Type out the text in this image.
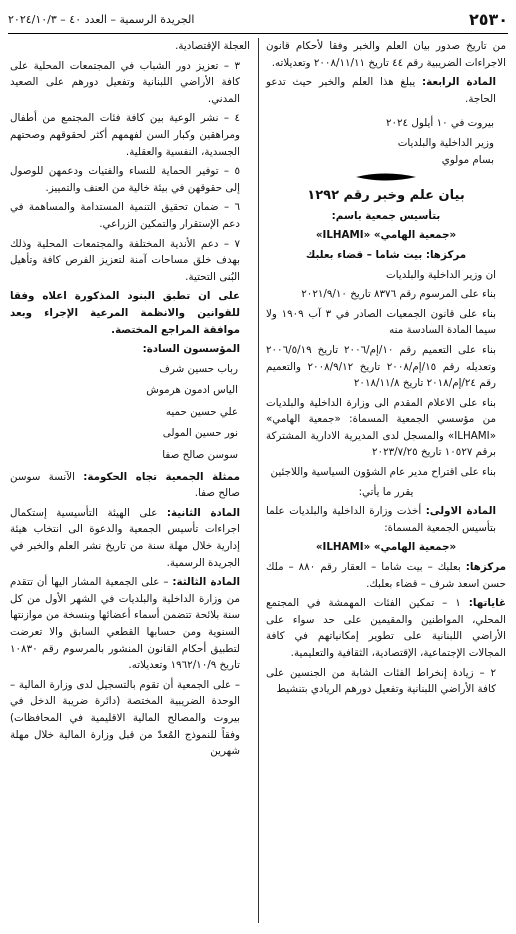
٢٥٣٠
الجريدة الرسمية – العدد ٤٠ – ٢٠٢٤/١٠/٣

من تاريخ صدور بيان العلم والخبر وفقا لأحكام قانون الاجراءات الضريبية رقم ٤٤ تاريخ ٢٠٠٨/١١/١١ وتعديلاته.

المادة الرابعة: يبلغ هذا العلم والخبر حيث تدعو الحاجة.

بيروت في ١٠ أيلول ٢٠٢٤

وزير الداخلية والبلديات

بسام مولوي

بيان علم وخبر رقم ١٢٩٢

بتأسيس جمعية باسم:

«جمعية الهامي» «ILHAMI»

مركزها: بيت شاما – قضاء بعلبك

ان وزير الداخلية والبلديات

بناء على المرسوم رقم ٨٣٧٦ تاريخ ٢٠٢١/٩/١٠

بناء على قانون الجمعيات الصادر في ٣ آب ١٩٠٩ ولا سيما المادة السادسة منه

بناء على التعميم رقم ١٠/إم/٢٠٠٦ تاريخ ٢٠٠٦/٥/١٩ وتعديله رقم ١٥/إم/٢٠٠٨ تاريخ ٢٠٠٨/٩/١٢ والتعميم رقم ٢٤/إم/٢٠١٨ تاريخ ٢٠١٨/١١/٨

بناء على الاعلام المقدم الى وزارة الداخلية والبلديات من مؤسسي الجمعية المسماة: «جمعية الهامي» «ILHAMI» والمسجل لدى المديرية الادارية المشتركة برقم ١٠٥٢٧ تاريخ ٢٠٢٣/٧/٢٥

بناء على اقتراح مدير عام الشؤون السياسية واللاجئين

يقرر ما يأتي:

المادة الاولى: أخذت وزارة الداخلية والبلديات علما بتأسيس الجمعية المسماة:

«جمعية الهامي» «ILHAMI»

مركزها: بعلبك – بيت شاما – العقار رقم ٨٨٠ – ملك حسن اسعد شرف – قضاء بعلبك.

غاياتها: ١ – تمكين الفئات المهمشة في المجتمع المحلي، المواطنين والمقيمين على حد سواء على الأراضي اللبنانية على تطوير إمكانياتهم في كافة المجالات الإجتماعية، الإقتصادية، الثقافية والتعليمية.

٢ – زيادة إنخراط الفئات الشابة من الجنسين على كافة الأراضي اللبنانية وتفعيل دورهم الريادي بتنشيط

العجلة الإقتصادية.

٣ – تعزيز دور الشباب في المجتمعات المحلية على كافة الأراضي اللبنانية وتفعيل دورهم على الصعيد المدني.

٤ – نشر الوعية بين كافة فئات المجتمع من أطفال ومراهقين وكبار السن لفهمهم أكثر لحقوقهم وصحتهم الجسدية، النفسية والعقلية.

٥ – توفير الحماية للنساء والفتيات ودعمهن للوصول إلى حقوقهن في بيئة خالية من العنف والتمييز.

٦ – ضمان تحقيق التنمية المستدامة والمساهمة في دعم الإستقرار والتمكين الزراعي.

٧ – دعم الأندية المختلفة والمجتمعات المحلية وذلك بهدف خلق مساحات آمنة لتعزيز الفرص كافة وتأهيل البُنى التحتية.

على ان تطبق البنود المذكورة اعلاه وفقا للقوانين والانظمة المرعية الإجراء وبعد موافقة المراجع المختصة.

المؤسسون السادة:

رباب حسين شرف

الياس ادمون هرموش

علي حسين حميه

نور حسين المولى

سوسن صالح صفا

ممثلة الجمعية تجاه الحكومة: الآنسة سوسن صالح صفا.

المادة الثانية: على الهيئة التأسيسية إستكمال اجراءات تأسيس الجمعية والدعوة الى انتخاب هيئة إدارية خلال مهلة سنة من تاريخ نشر العلم والخبر في الجريدة الرسمية.

المادة الثالثة: – على الجمعية المشار اليها أن تتقدم من وزارة الداخلية والبلديات في الشهر الأول من كل سنة بلائحة تتضمن أسماء أعضائها وبنسخة من موازنتها السنوية ومن حسابها القطعي السابق والا تعرضت لتطبيق أحكام القانون المنشور بالمرسوم رقم ١٠٨٣٠ تاريخ ١٩٦٢/١٠/٩ وتعديلاته.

– على الجمعية أن تقوم بالتسجيل لدى وزارة المالية – الوحدة الضريبية المختصة (دائرة ضريبة الدخل في بيروت والمصالح المالية الاقليمية في المحافظات) وفقاً للنموذج المُعدّ من قبل وزارة المالية خلال مهلة شهرين
